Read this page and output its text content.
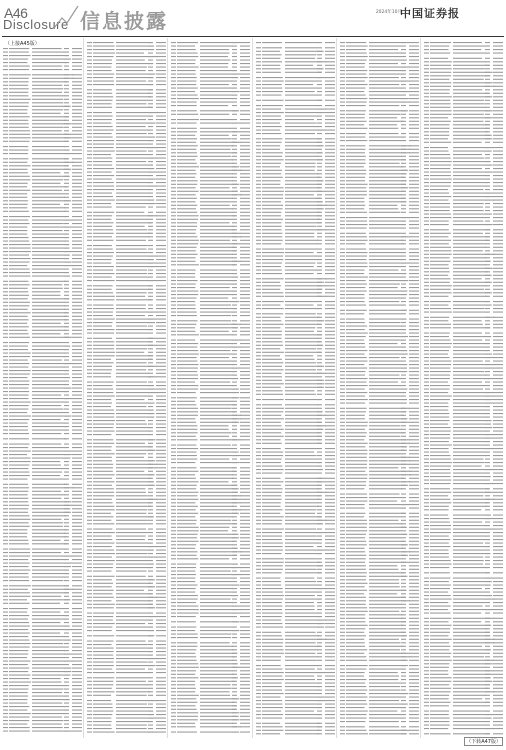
A46
Disclosure 信息披露	2024年10月
中国证券报
（上接A45版）
（下转A47版）
